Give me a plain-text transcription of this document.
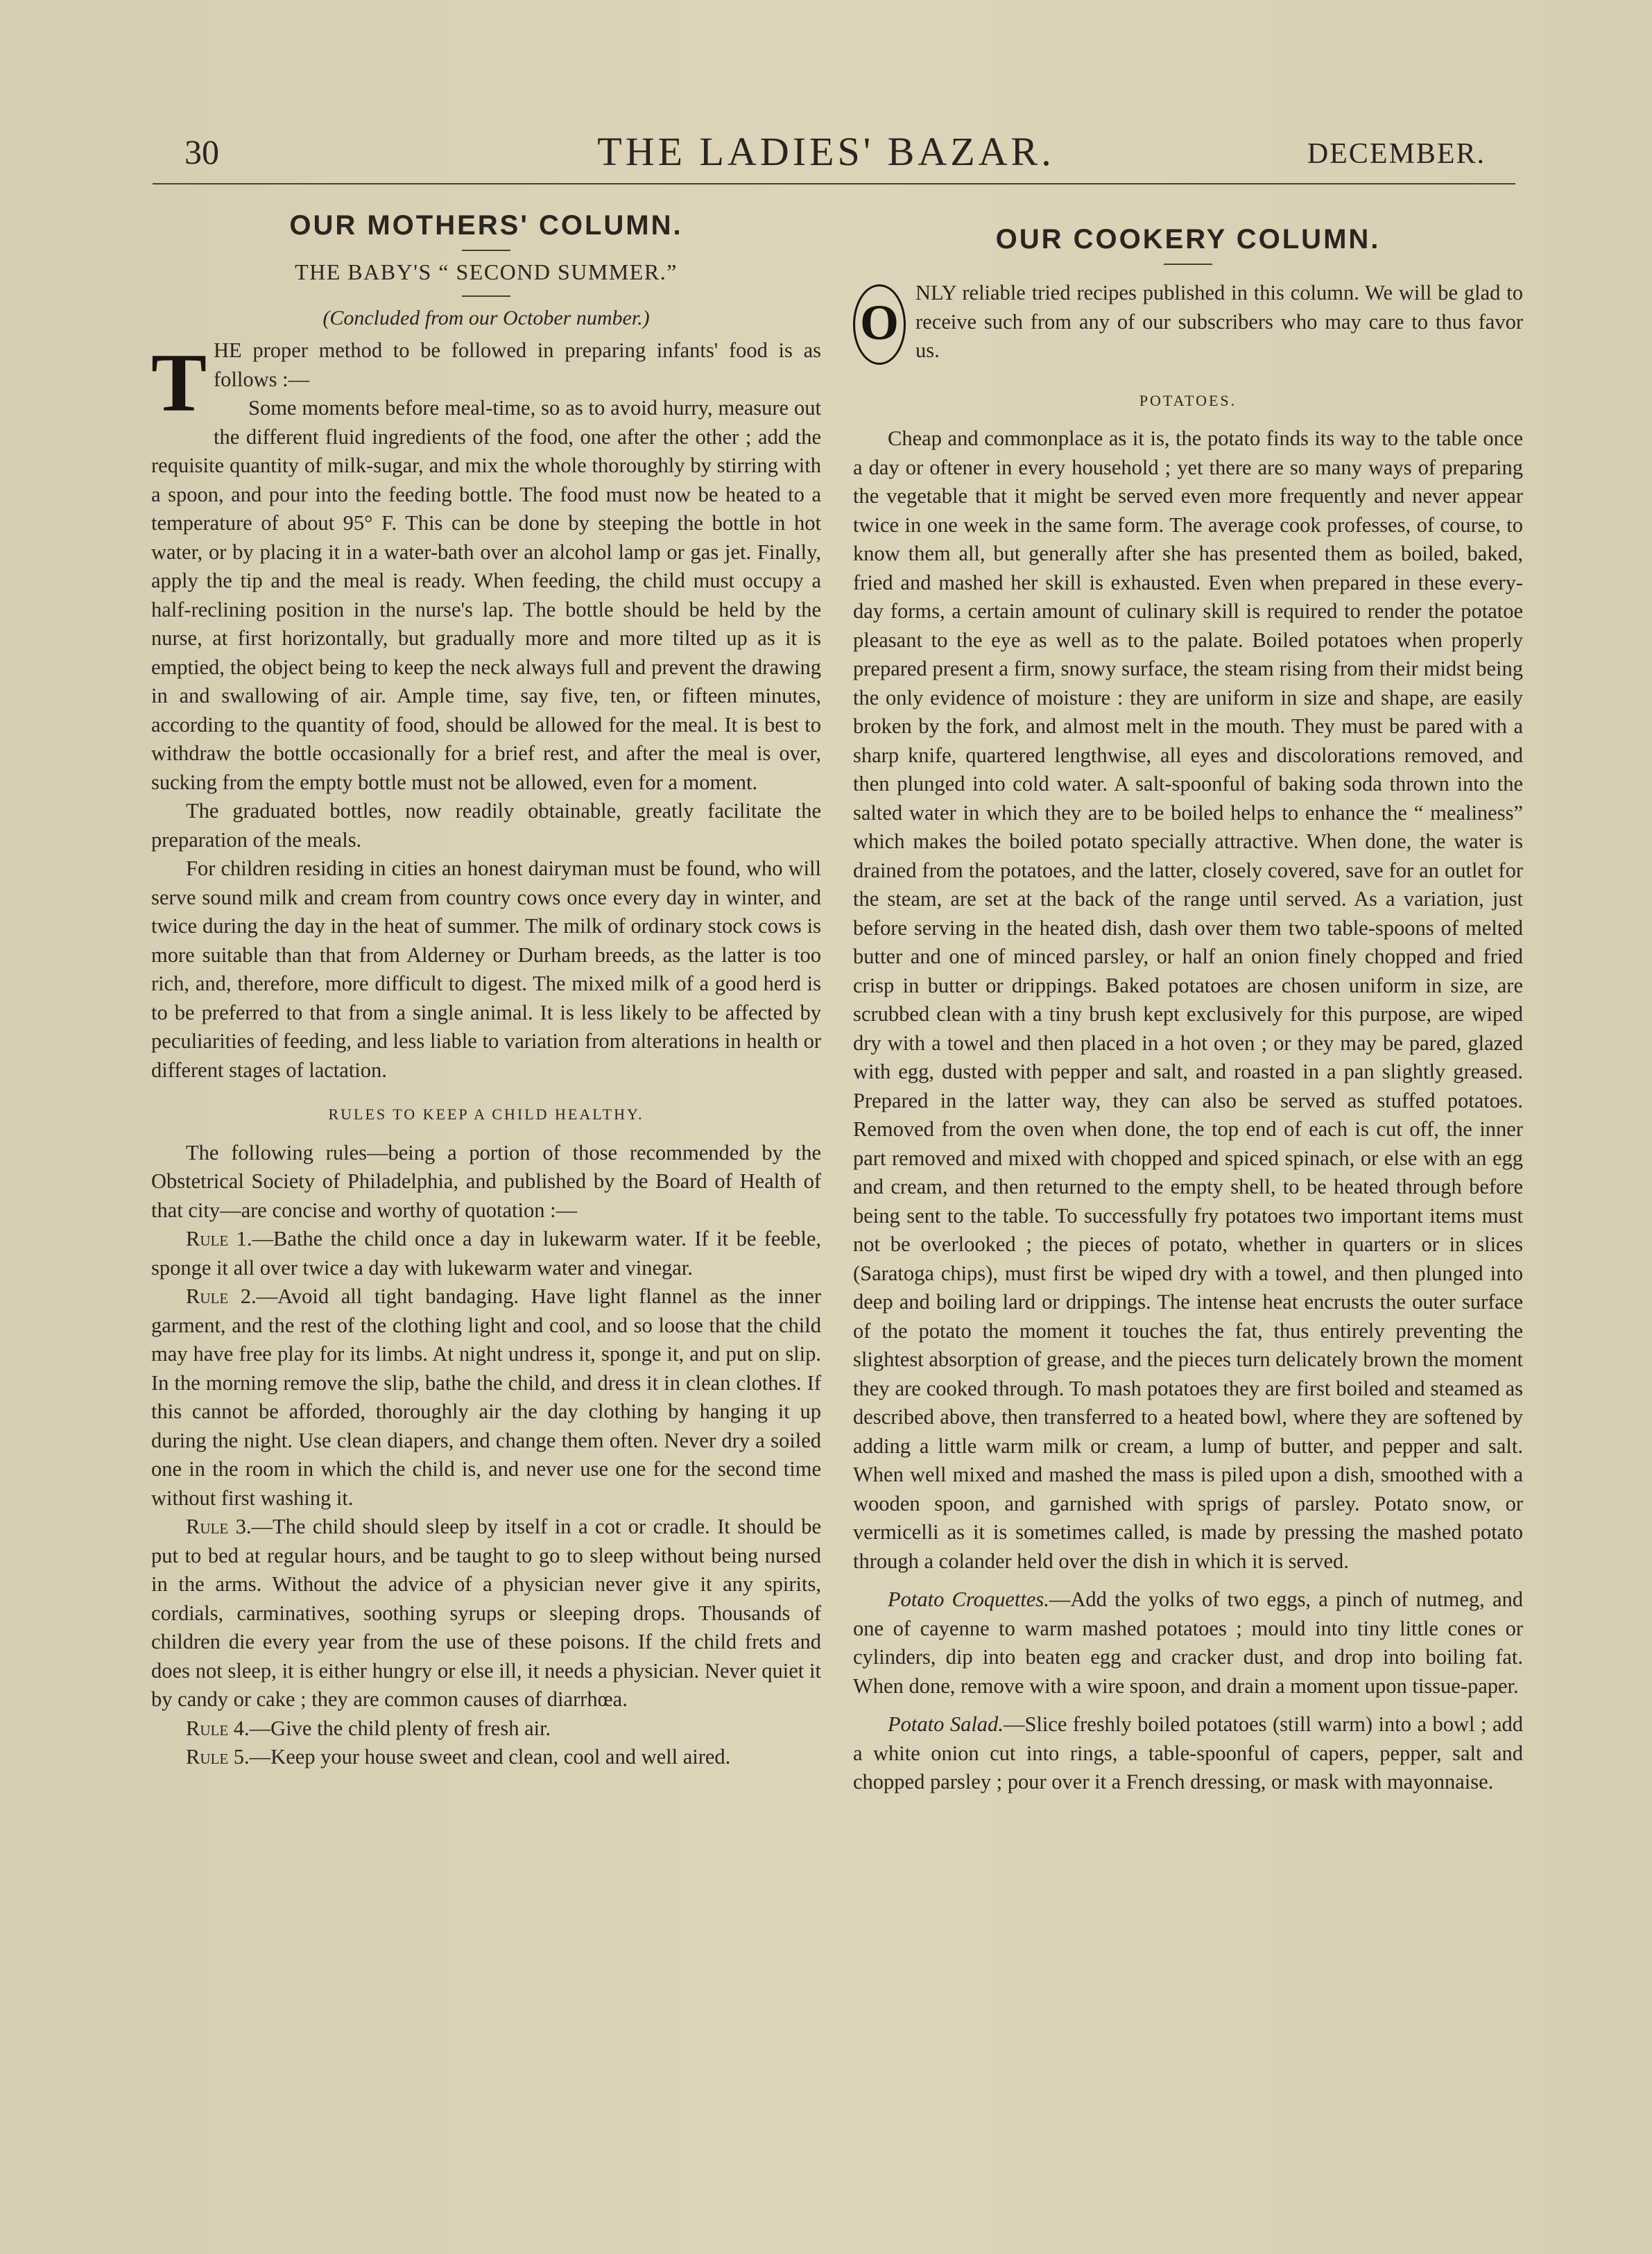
30	THE LADIES' BAZAR.	DECEMBER.
OUR MOTHERS' COLUMN.
THE BABY'S “ SECOND SUMMER.”
(Concluded from our October number.)

THE proper method to be followed in preparing infants' food is as follows :—

Some moments before meal-time, so as to avoid hurry, measure out the different fluid ingredients of the food, one after the other ; add the requisite quantity of milk-sugar, and mix the whole thoroughly by stirring with a spoon, and pour into the feeding bottle. The food must now be heated to a temperature of about 95° F. This can be done by steeping the bottle in hot water, or by placing it in a water-bath over an alcohol lamp or gas jet. Finally, apply the tip and the meal is ready. When feeding, the child must occupy a half-reclining position in the nurse's lap. The bottle should be held by the nurse, at first horizontally, but gradually more and more tilted up as it is emptied, the object being to keep the neck always full and prevent the drawing in and swallowing of air. Ample time, say five, ten, or fifteen minutes, according to the quantity of food, should be allowed for the meal. It is best to withdraw the bottle occasionally for a brief rest, and after the meal is over, sucking from the empty bottle must not be allowed, even for a moment.

The graduated bottles, now readily obtainable, greatly facilitate the preparation of the meals.

For children residing in cities an honest dairyman must be found, who will serve sound milk and cream from country cows once every day in winter, and twice during the day in the heat of summer. The milk of ordinary stock cows is more suitable than that from Alderney or Durham breeds, as the latter is too rich, and, therefore, more difficult to digest. The mixed milk of a good herd is to be preferred to that from a single animal. It is less likely to be affected by peculiarities of feeding, and less liable to variation from alterations in health or different stages of lactation.

RULES TO KEEP A CHILD HEALTHY.

The following rules—being a portion of those recommended by the Obstetrical Society of Philadelphia, and published by the Board of Health of that city—are concise and worthy of quotation :—

Rule 1.—Bathe the child once a day in lukewarm water. If it be feeble, sponge it all over twice a day with lukewarm water and vinegar.

Rule 2.—Avoid all tight bandaging. Have light flannel as the inner garment, and the rest of the clothing light and cool, and so loose that the child may have free play for its limbs. At night undress it, sponge it, and put on slip. In the morning remove the slip, bathe the child, and dress it in clean clothes. If this cannot be afforded, thoroughly air the day clothing by hanging it up during the night. Use clean diapers, and change them often. Never dry a soiled one in the room in which the child is, and never use one for the second time without first washing it.

Rule 3.—The child should sleep by itself in a cot or cradle. It should be put to bed at regular hours, and be taught to go to sleep without being nursed in the arms. Without the advice of a physician never give it any spirits, cordials, carminatives, soothing syrups or sleeping drops. Thousands of children die every year from the use of these poisons. If the child frets and does not sleep, it is either hungry or else ill, it needs a physician. Never quiet it by candy or cake ; they are common causes of diarrhœa.

Rule 4.—Give the child plenty of fresh air.

Rule 5.—Keep your house sweet and clean, cool and well aired.

OUR COOKERY COLUMN.

O
NLY reliable tried recipes published in this column. We will be glad to receive such from any of our subscribers who may care to thus favor us.

POTATOES.

Cheap and commonplace as it is, the potato finds its way to the table once a day or oftener in every household ; yet there are so many ways of preparing the vegetable that it might be served even more frequently and never appear twice in one week in the same form. The average cook professes, of course, to know them all, but generally after she has presented them as boiled, baked, fried and mashed her skill is exhausted. Even when prepared in these every-day forms, a certain amount of culinary skill is required to render the potatoe pleasant to the eye as well as to the palate. Boiled potatoes when properly prepared present a firm, snowy surface, the steam rising from their midst being the only evidence of moisture : they are uniform in size and shape, are easily broken by the fork, and almost melt in the mouth. They must be pared with a sharp knife, quartered lengthwise, all eyes and discolorations removed, and then plunged into cold water. A salt-spoonful of baking soda thrown into the salted water in which they are to be boiled helps to enhance the “ mealiness” which makes the boiled potato specially attractive. When done, the water is drained from the potatoes, and the latter, closely covered, save for an outlet for the steam, are set at the back of the range until served. As a variation, just before serving in the heated dish, dash over them two table-spoons of melted butter and one of minced parsley, or half an onion finely chopped and fried crisp in butter or drippings. Baked potatoes are chosen uniform in size, are scrubbed clean with a tiny brush kept exclusively for this purpose, are wiped dry with a towel and then placed in a hot oven ; or they may be pared, glazed with egg, dusted with pepper and salt, and roasted in a pan slightly greased. Prepared in the latter way, they can also be served as stuffed potatoes. Removed from the oven when done, the top end of each is cut off, the inner part removed and mixed with chopped and spiced spinach, or else with an egg and cream, and then returned to the empty shell, to be heated through before being sent to the table. To successfully fry potatoes two important items must not be overlooked ; the pieces of potato, whether in quarters or in slices (Saratoga chips), must first be wiped dry with a towel, and then plunged into deep and boiling lard or drippings. The intense heat encrusts the outer surface of the potato the moment it touches the fat, thus entirely preventing the slightest absorption of grease, and the pieces turn delicately brown the moment they are cooked through. To mash potatoes they are first boiled and steamed as described above, then transferred to a heated bowl, where they are softened by adding a little warm milk or cream, a lump of butter, and pepper and salt. When well mixed and mashed the mass is piled upon a dish, smoothed with a wooden spoon, and garnished with sprigs of parsley. Potato snow, or vermicelli as it is sometimes called, is made by pressing the mashed potato through a colander held over the dish in which it is served.

Potato Croquettes.—Add the yolks of two eggs, a pinch of nutmeg, and one of cayenne to warm mashed potatoes ; mould into tiny little cones or cylinders, dip into beaten egg and cracker dust, and drop into boiling fat. When done, remove with a wire spoon, and drain a moment upon tissue-paper.

Potato Salad.—Slice freshly boiled potatoes (still warm) into a bowl ; add a white onion cut into rings, a table-spoonful of capers, pepper, salt and chopped parsley ; pour over it a French dressing, or mask with mayonnaise.
